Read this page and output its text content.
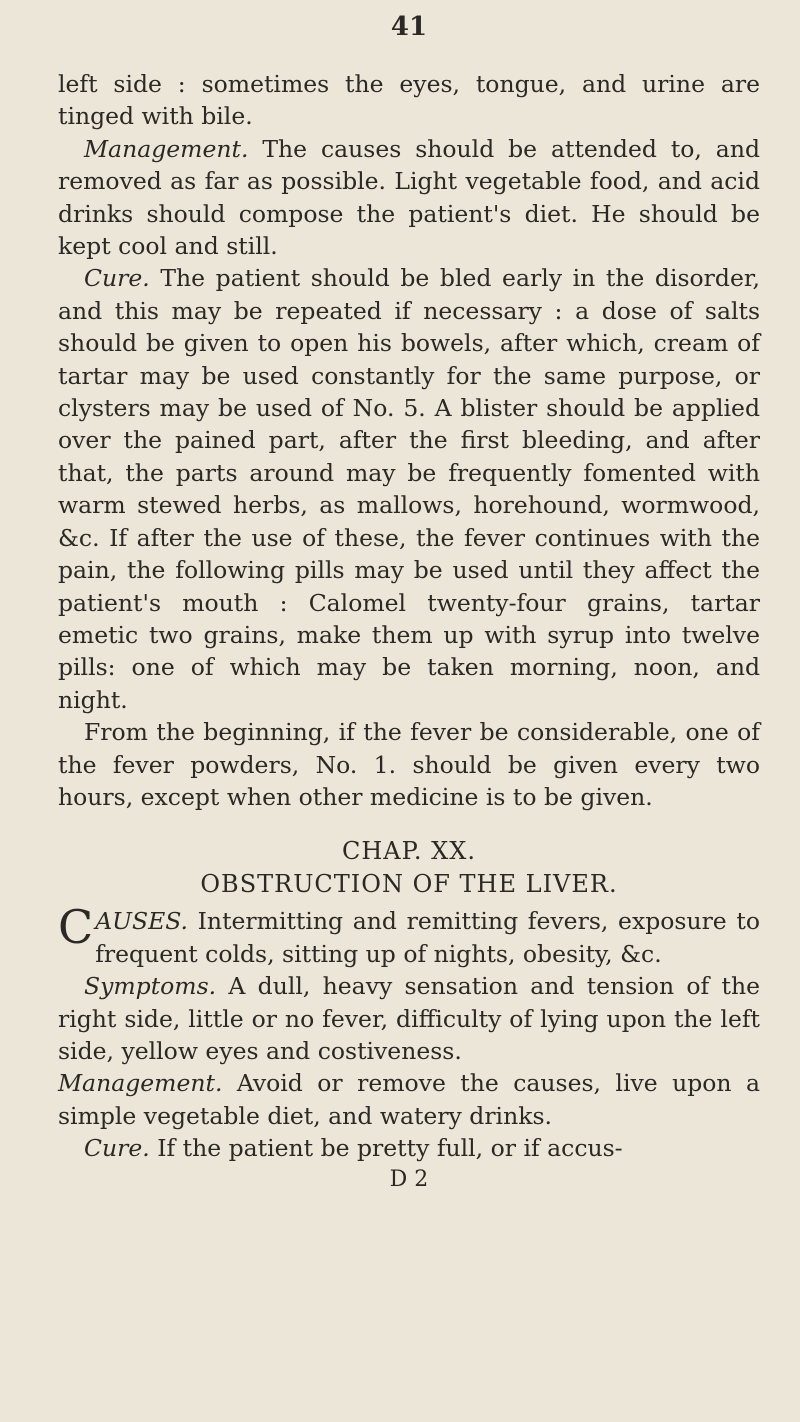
41

left side : sometimes the eyes, tongue, and urine are tinged with bile.

Management. The causes should be attended to, and removed as far as possible. Light vegetable food, and acid drinks should compose the patient's diet. He should be kept cool and still.

Cure. The patient should be bled early in the disorder, and this may be repeated if necessary : a dose of salts should be given to open his bowels, after which, cream of tartar may be used constantly for the same purpose, or clysters may be used of No. 5. A blister should be applied over the pained part, after the first bleeding, and after that, the parts around may be frequently fomented with warm stewed herbs, as mallows, horehound, wormwood, &c. If after the use of these, the fever continues with the pain, the following pills may be used until they affect the patient's mouth : Calomel twenty-four grains, tartar emetic two grains, make them up with syrup into twelve pills: one of which may be taken morning, noon, and night.

From the beginning, if the fever be considerable, one of the fever powders, No. 1. should be given every two hours, except when other medicine is to be given.

CHAP. XX.
OBSTRUCTION OF THE LIVER.

CAUSES. Intermitting and remitting fevers, exposure to frequent colds, sitting up of nights, obesity, &c.

Symptoms. A dull, heavy sensation and tension of the right side, little or no fever, difficulty of lying upon the left side, yellow eyes and costiveness.

Management. Avoid or remove the causes, live upon a simple vegetable diet, and watery drinks.

Cure. If the patient be pretty full, or if accus-

D 2
